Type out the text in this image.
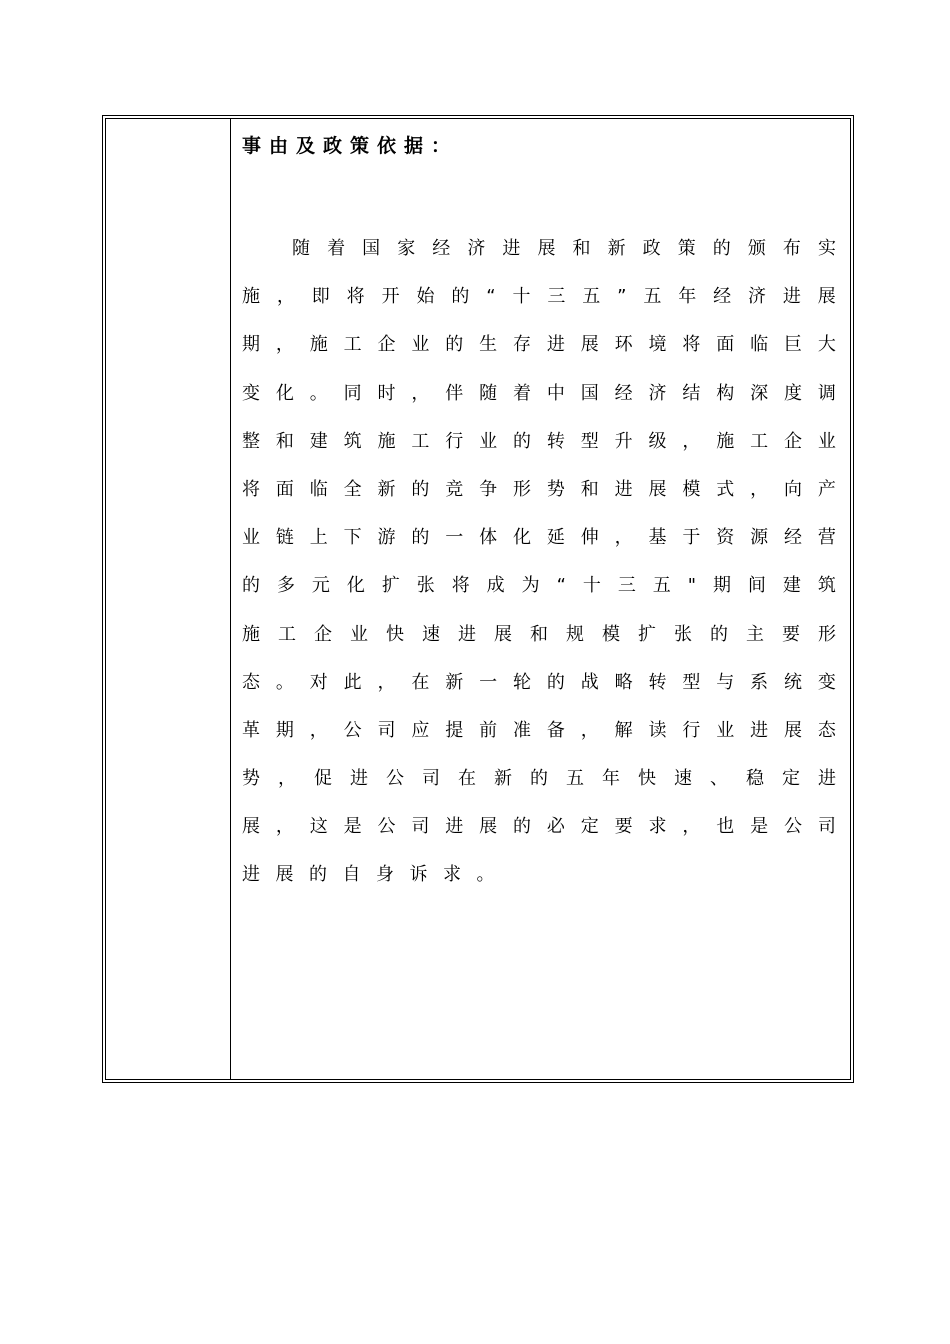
事由及政策依据：
随 着 国 家 经 济 进 展 和 新 政 策 的 颁 布 实
施 ， 即 将 开 始 的 “ 十 三 五 ” 五 年 经 济 进 展
期 ， 施 工 企 业 的 生 存 进 展 环 境 将 面 临 巨 大
变 化 。 同 时 ， 伴 随 着 中 国 经 济 结 构 深 度 调
整 和 建 筑 施 工 行 业 的 转 型 升 级 ， 施 工 企 业
将 面 临 全 新 的 竞 争 形 势 和 进 展 模 式 ， 向 产
业 链 上 下 游 的 一 体 化 延 伸 ， 基 于 资 源 经 营
的 多 元 化 扩 张 将 成 为 “ 十 三 五 " 期 间 建 筑
施 工 企 业 快 速 进 展 和 规 模 扩 张 的 主 要 形
态 。 对 此 ， 在 新 一 轮 的 战 略 转 型 与 系 统 变
革 期 ， 公 司 应 提 前 准 备 ， 解 读 行 业 进 展 态
势 ， 促 进 公 司 在 新 的 五 年 快 速 、 稳 定 进
展 ， 这 是 公 司 进 展 的 必 定 要 求 ， 也 是 公 司
进 展 的 自 身 诉 求 。
